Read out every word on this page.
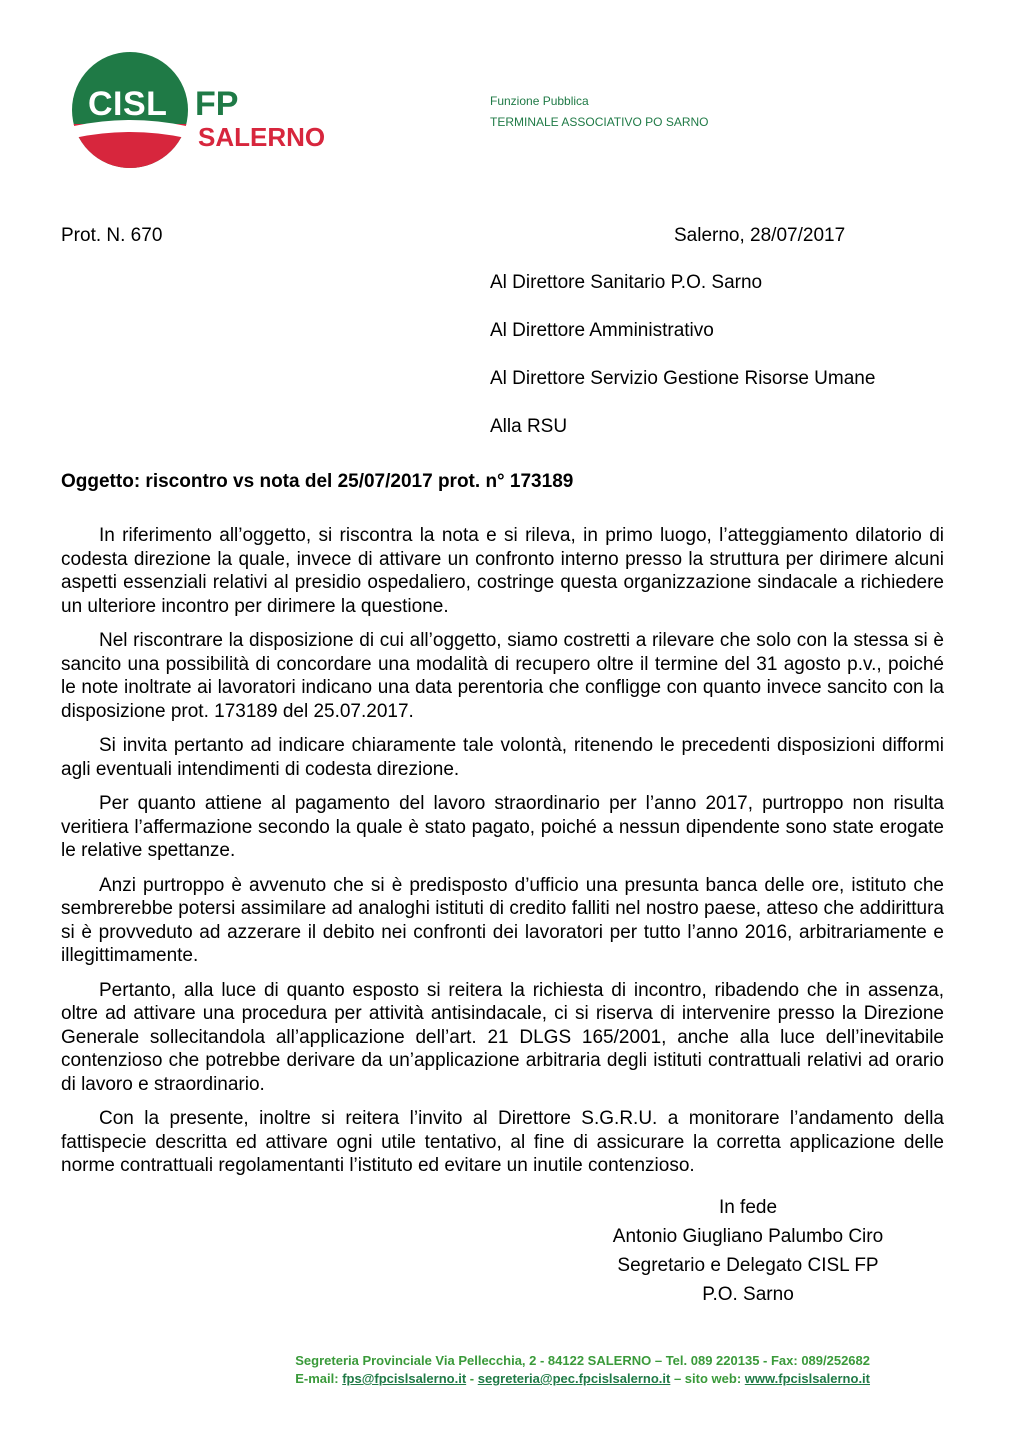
CISL FP
SALERNO
Funzione Pubblica
TERMINALE ASSOCIATIVO PO SARNO
Prot. N. 670	Salerno, 28/07/2017
Al Direttore Sanitario P.O. Sarno
Al Direttore Amministrativo
Al Direttore Servizio Gestione Risorse Umane
Alla RSU
Oggetto: riscontro vs nota del 25/07/2017 prot. n° 173189

In riferimento all’oggetto, si riscontra la nota e si rileva, in primo luogo, l’atteggiamento dilatorio di codesta direzione la quale, invece di attivare un confronto interno presso la struttura per dirimere alcuni aspetti essenziali relativi al presidio ospedaliero, costringe questa organizzazione sindacale a richiedere un ulteriore incontro per dirimere la questione.

Nel riscontrare la disposizione di cui all’oggetto, siamo costretti a rilevare che solo con la stessa si è sancito una possibilità di concordare una modalità di recupero oltre il termine del 31 agosto p.v., poiché le note inoltrate ai lavoratori indicano una data perentoria che confligge con quanto invece sancito con la disposizione prot. 173189 del 25.07.2017.

Si invita pertanto ad indicare chiaramente tale volontà, ritenendo le precedenti disposizioni difformi agli eventuali intendimenti di codesta direzione.

Per quanto attiene al pagamento del lavoro straordinario per l’anno 2017, purtroppo non risulta veritiera l’affermazione secondo la quale è stato pagato, poiché a nessun dipendente sono state erogate le relative spettanze.

Anzi purtroppo è avvenuto che si è predisposto d’ufficio una presunta banca delle ore, istituto che sembrerebbe potersi assimilare ad analoghi istituti di credito falliti nel nostro paese, atteso che addirittura si è provveduto ad azzerare il debito nei confronti dei lavoratori per tutto l’anno 2016, arbitrariamente e illegittimamente.

Pertanto, alla luce di quanto esposto si reitera la richiesta di incontro, ribadendo che in assenza, oltre ad attivare una procedura per attività antisindacale, ci si riserva di intervenire presso la Direzione Generale sollecitandola all’applicazione dell’art. 21 DLGS 165/2001, anche alla luce dell’inevitabile contenzioso che potrebbe derivare da un’applicazione arbitraria degli istituti contrattuali relativi ad orario di lavoro e straordinario.

Con la presente, inoltre si reitera l’invito al Direttore S.G.R.U. a monitorare l’andamento della fattispecie descritta ed attivare ogni utile tentativo, al fine di assicurare la corretta applicazione delle norme contrattuali regolamentanti l’istituto ed evitare un inutile contenzioso.

In fede
Antonio Giugliano Palumbo Ciro
Segretario e Delegato CISL FP
P.O. Sarno
Segreteria Provinciale Via Pellecchia, 2 - 84122 SALERNO – Tel. 089 220135 - Fax: 089/252682
E-mail: fps@fpcislsalerno.it - segreteria@pec.fpcislsalerno.it – sito web: www.fpcislsalerno.it
